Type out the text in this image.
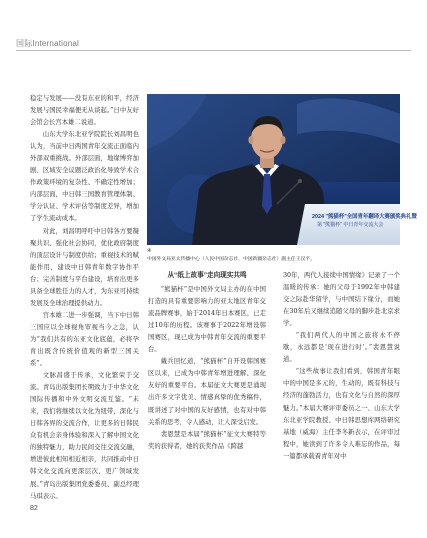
国际International

稳定与发展——没有东亚的和平，经济发展与国民幸福便无从谈起。”日中友好会馆会长宫本雄二说道。

山东大学东北亚学院院长刘昌明也认为，当前中日两国青年交流正面临内外部双重挑战。外部层面，地缘博弈加剧、区域安全议题泛政治化导致学术合作政策环境的复杂性、不确定性增加；内部层面，中日韩三国教育管理体制、学分认证、学术评估等制度差异，增加了学生流动成本。

对此，刘昌明呼吁中日韩各方要凝聚共识、强化社会协同，优化政府制度的顶层设计与制度供给；重视技术的赋能作用，建设中日韩青年数字协作平台；完善制度与平台建设，培育出更多具备全球胜任力的人才，为东亚可持续发展及全球治理提供动力。

宫本雄二进一步强调，当下中日韩三国应以全球视角审视当今之急，认为“我们共有的东亚文化底蕴，必将孕育出既含传统价值观的新型三国关系”。

文脉昌盛于传承，文化繁荣于交流。青岛出版集团长期致力于中华文化国际传播和中外文明交流互鉴。“未来，我们将继续以文化为纽带，深化与日韩各界的交流合作，让更多的日韩民众有机会亲身体验和深入了解中国文化的独特魅力，助力民间交往交流交融，增进彼此相知相近相亲，共同推动中日韩文化交流向更深层次、更广领域发展。”青岛出版集团党委委员、副总经理马琪表示。

2024 "熊猫杯"全国青年翻译大赛颁奖典礼暨
第 "熊猫杯" 中日青年交流大会
④
中国外文局亚太传播中心（人民中国杂志社、中国新疆杂志社）副主任王汉平。
从“纸上故事”走向现实共鸣

“熊猫杯”是中国外文局主办的在中国打造的具有重要影响力的亚太地区青年交流品牌赛事，始于2014年日本赛区，已走过10年的历程。该赛事于2022年增设韩国赛区，现已成为中韩青年交流的重要平台。

戴兵回忆道，“熊猫杯”自开设韩国赛区以来，已成为中韩青年增进理解、深化友好的重要平台。本届征文大赛更是涌现出许多文字优美、情感真挚的优秀稿件，既讲述了对中国的友好感情，也有对中韩关系的思考，令人感动，让人深受启发。

裴恩慧是本届“熊猫杯”征文大赛特等奖的获得者，她的获奖作品《跨越

30年，两代人接续中国情缘》记录了一个温暖的传承：她的父母于1992年中韩建交之际赴华留学，与中国结下缘分，而她在30年后又继续追随父母的脚步赴北京求学。

“我们两代人的中国之旅将永不停歇，永远都是‘现在进行时’。”裴恩慧说道。

“这些故事让我们看到，韩国青年眼中的中国是多元的，生动的，既有科技与经济的蓬勃活力，也有文化与自然的深厚魅力。”本届大赛评审委员之一、山东大学东北亚学院教授、中日韩思想库网络研究基地（威海）主任李冬新表示，在评审过程中，她读到了许多令人难忘的作品，每一篇都承载着青年对中

82
